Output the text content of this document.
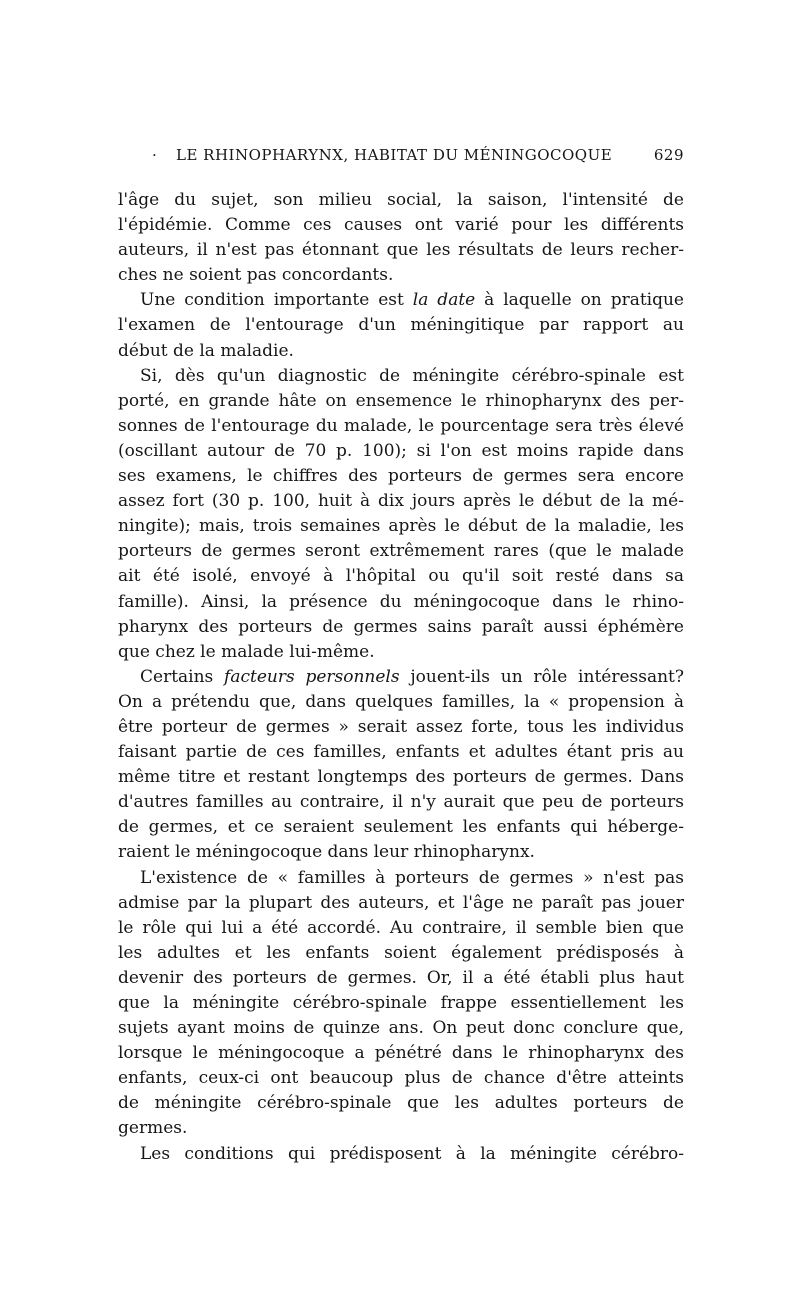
· LE RHINOPHARYNX, HABITAT DU MÉNINGOCOQUE	629
l'âge du sujet, son milieu social, la saison, l'intensité de
l'épidémie. Comme ces causes ont varié pour les différents
auteurs, il n'est pas étonnant que les résultats de leurs recher-
ches ne soient pas concordants.
Une condition importante est la date à laquelle on pratique
l'examen de l'entourage d'un méningitique par rapport au
début de la maladie.
Si, dès qu'un diagnostic de méningite cérébro-spinale est
porté, en grande hâte on ensemence le rhinopharynx des per-
sonnes de l'entourage du malade, le pourcentage sera très élevé
(oscillant autour de 70 p. 100); si l'on est moins rapide dans
ses examens, le chiffres des porteurs de germes sera encore
assez fort (30 p. 100, huit à dix jours après le début de la mé-
ningite); mais, trois semaines après le début de la maladie, les
porteurs de germes seront extrêmement rares (que le malade
ait été isolé, envoyé à l'hôpital ou qu'il soit resté dans sa
famille). Ainsi, la présence du méningocoque dans le rhino-
pharynx des porteurs de germes sains paraît aussi éphémère
que chez le malade lui-même.
Certains facteurs personnels jouent-ils un rôle intéressant?
On a prétendu que, dans quelques familles, la « propension à
être porteur de germes » serait assez forte, tous les individus
faisant partie de ces familles, enfants et adultes étant pris au
même titre et restant longtemps des porteurs de germes. Dans
d'autres familles au contraire, il n'y aurait que peu de porteurs
de germes, et ce seraient seulement les enfants qui héberge-
raient le méningocoque dans leur rhinopharynx.
L'existence de « familles à porteurs de germes » n'est pas
admise par la plupart des auteurs, et l'âge ne paraît pas jouer
le rôle qui lui a été accordé. Au contraire, il semble bien que
les adultes et les enfants soient également prédisposés à
devenir des porteurs de germes. Or, il a été établi plus haut
que la méningite cérébro-spinale frappe essentiellement les
sujets ayant moins de quinze ans. On peut donc conclure que,
lorsque le méningocoque a pénétré dans le rhinopharynx des
enfants, ceux-ci ont beaucoup plus de chance d'être atteints
de méningite cérébro-spinale que les adultes porteurs de
germes.
Les conditions qui prédisposent à la méningite cérébro-
